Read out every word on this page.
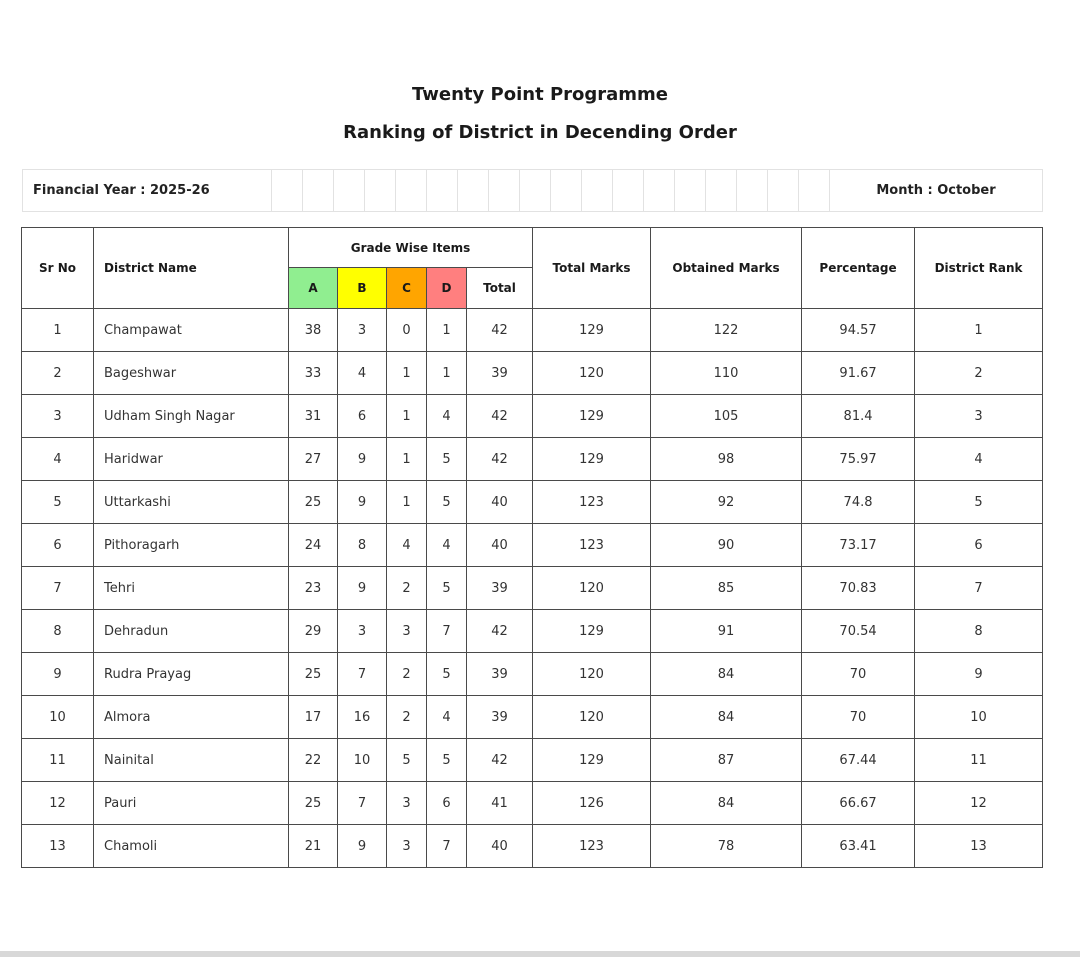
Twenty Point Programme
Ranking of District in Decending Order
Financial Year : 2025-26																			Month : October
Sr No	District Name	Grade Wise Items					Total Marks	Obtained Marks	Percentage	District Rank
		A	B	C	D	Total				
1	Champawat	38	3	0	1	42	129	122	94.57	1
2	Bageshwar	33	4	1	1	39	120	110	91.67	2
3	Udham Singh Nagar	31	6	1	4	42	129	105	81.4	3
4	Haridwar	27	9	1	5	42	129	98	75.97	4
5	Uttarkashi	25	9	1	5	40	123	92	74.8	5
6	Pithoragarh	24	8	4	4	40	123	90	73.17	6
7	Tehri	23	9	2	5	39	120	85	70.83	7
8	Dehradun	29	3	3	7	42	129	91	70.54	8
9	Rudra Prayag	25	7	2	5	39	120	84	70	9
10	Almora	17	16	2	4	39	120	84	70	10
11	Nainital	22	10	5	5	42	129	87	67.44	11
12	Pauri	25	7	3	6	41	126	84	66.67	12
13	Chamoli	21	9	3	7	40	123	78	63.41	13
